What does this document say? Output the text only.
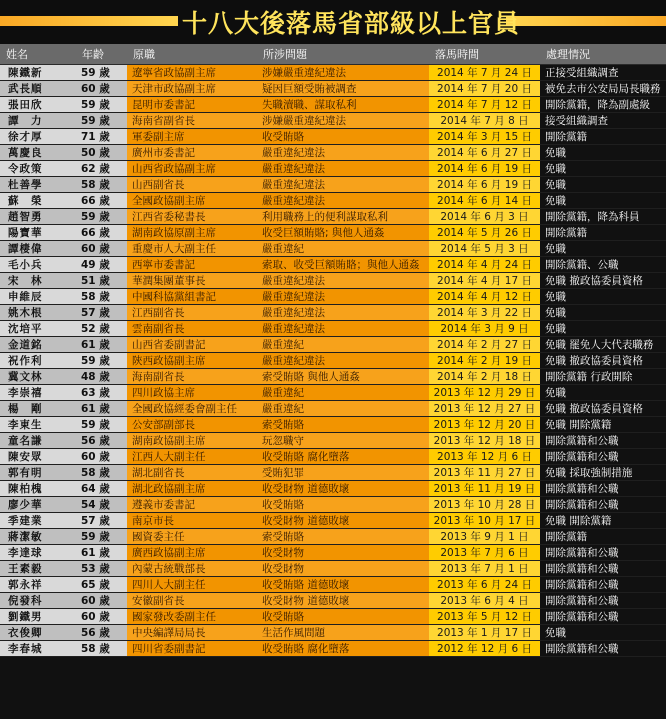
十八大後落馬省部級以上官員
姓名	年齡	原職	所涉問題	落馬時間	處理情況
陳鐵新	59 歲	遼寧省政協副主席	涉嫌嚴重違紀違法	2014 年 7 月 24 日	正接受組織調查
武長順	60 歲	天津市政協副主席	疑因巨額受賄被調查	2014 年 7 月 20 日	被免去市公安局局長職務
張田欣	59 歲	昆明市委書記	失職瀆職、謀取私利	2014 年 7 月 12 日	開除黨籍，降為副處級
譚　力	59 歲	海南省副省長	涉嫌嚴重違紀違法	2014 年 7 月 8 日	接受組織調查
徐才厚	71 歲	軍委副主席	收受賄賂	2014 年 3 月 15 日	開除黨籍
萬慶良	50 歲	廣州市委書記	嚴重違紀違法	2014 年 6 月 27 日	免職
令政策	62 歲	山西省政協副主席	嚴重違紀違法	2014 年 6 月 19 日	免職
杜善學	58 歲	山西副省長	嚴重違紀違法	2014 年 6 月 19 日	免職
蘇　榮	66 歲	全國政協副主席	嚴重違紀違法	2014 年 6 月 14 日	免職
趙智勇	59 歲	江西省委秘書長	利用職務上的便利謀取私利	2014 年 6 月 3 日	開除黨籍，降為科員
陽寶華	66 歲	湖南政協原副主席	收受巨額賄賂; 與他人通姦	2014 年 5 月 26 日	開除黨籍
譚棲偉	60 歲	重慶市人大副主任	嚴重違紀	2014 年 5 月 3 日	免職
毛小兵	49 歲	西寧市委書記	索取、收受巨額賄賂；與他人通姦	2014 年 4 月 24 日	開除黨籍、公職
宋　林	51 歲	華潤集團董事長	嚴重違紀違法	2014 年 4 月 17 日	免職 撤政協委員資格
申維辰	58 歲	中國科協黨組書記	嚴重違紀違法	2014 年 4 月 12 日	免職
姚木根	57 歲	江西副省長	嚴重違紀違法	2014 年 3 月 22 日	免職
沈培平	52 歲	雲南副省長	嚴重違紀違法	2014 年 3 月 9 日	免職
金道銘	61 歲	山西省委副書記	嚴重違紀	2014 年 2 月 27 日	免職 罷免人大代表職務
祝作利	59 歲	陝西政協副主席	嚴重違紀違法	2014 年 2 月 19 日	免職 撤政協委員資格
冀文林	48 歲	海南副省長	索受賄賂 與他人通姦	2014 年 2 月 18 日	開除黨籍 行政開除
李崇禧	63 歲	四川政協主席	嚴重違紀	2013 年 12 月 29 日	免職
楊　剛	61 歲	全國政協經委會副主任	嚴重違紀	2013 年 12 月 27 日	免職 撤政協委員資格
李東生	59 歲	公安部副部長	索受賄賂	2013 年 12 月 20 日	免職 開除黨籍
童名謙	56 歲	湖南政協副主席	玩忽職守	2013 年 12 月 18 日	開除黨籍和公職
陳安眾	60 歲	江西人大副主任	收受賄賂 腐化墮落	2013 年 12 月 6 日	開除黨籍和公職
郭有明	58 歲	湖北副省長	受賄犯罪	2013 年 11 月 27 日	免職 採取強制措施
陳柏槐	64 歲	湖北政協副主席	收受財物 道德敗壞	2013 年 11 月 19 日	開除黨籍和公職
廖少華	54 歲	遵義市委書記	收受賄賂	2013 年 10 月 28 日	開除黨籍和公職
季建業	57 歲	南京市長	收受財物 道德敗壞	2013 年 10 月 17 日	免職 開除黨籍
蔣潔敏	59 歲	國資委主任	索受賄賂	2013 年 9 月 1 日	開除黨籍
李達球	61 歲	廣西政協副主席	收受財物	2013 年 7 月 6 日	開除黨籍和公職
王素毅	53 歲	內蒙古統戰部長	收受財物	2013 年 7 月 1 日	開除黨籍和公職
郭永祥	65 歲	四川人大副主任	收受賄賂 道德敗壞	2013 年 6 月 24 日	開除黨籍和公職
倪發科	60 歲	安徽副省長	收受財物 道德敗壞	2013 年 6 月 4 日	開除黨籍和公職
劉鐵男	60 歲	國家發改委副主任	收受賄賂	2013 年 5 月 12 日	開除黨籍和公職
衣俊卿	56 歲	中央編譯局局長	生活作風問題	2013 年 1 月 17 日	免職
李春城	58 歲	四川省委副書記	收受賄賂 腐化墮落	2012 年 12 月 6 日	開除黨籍和公職
